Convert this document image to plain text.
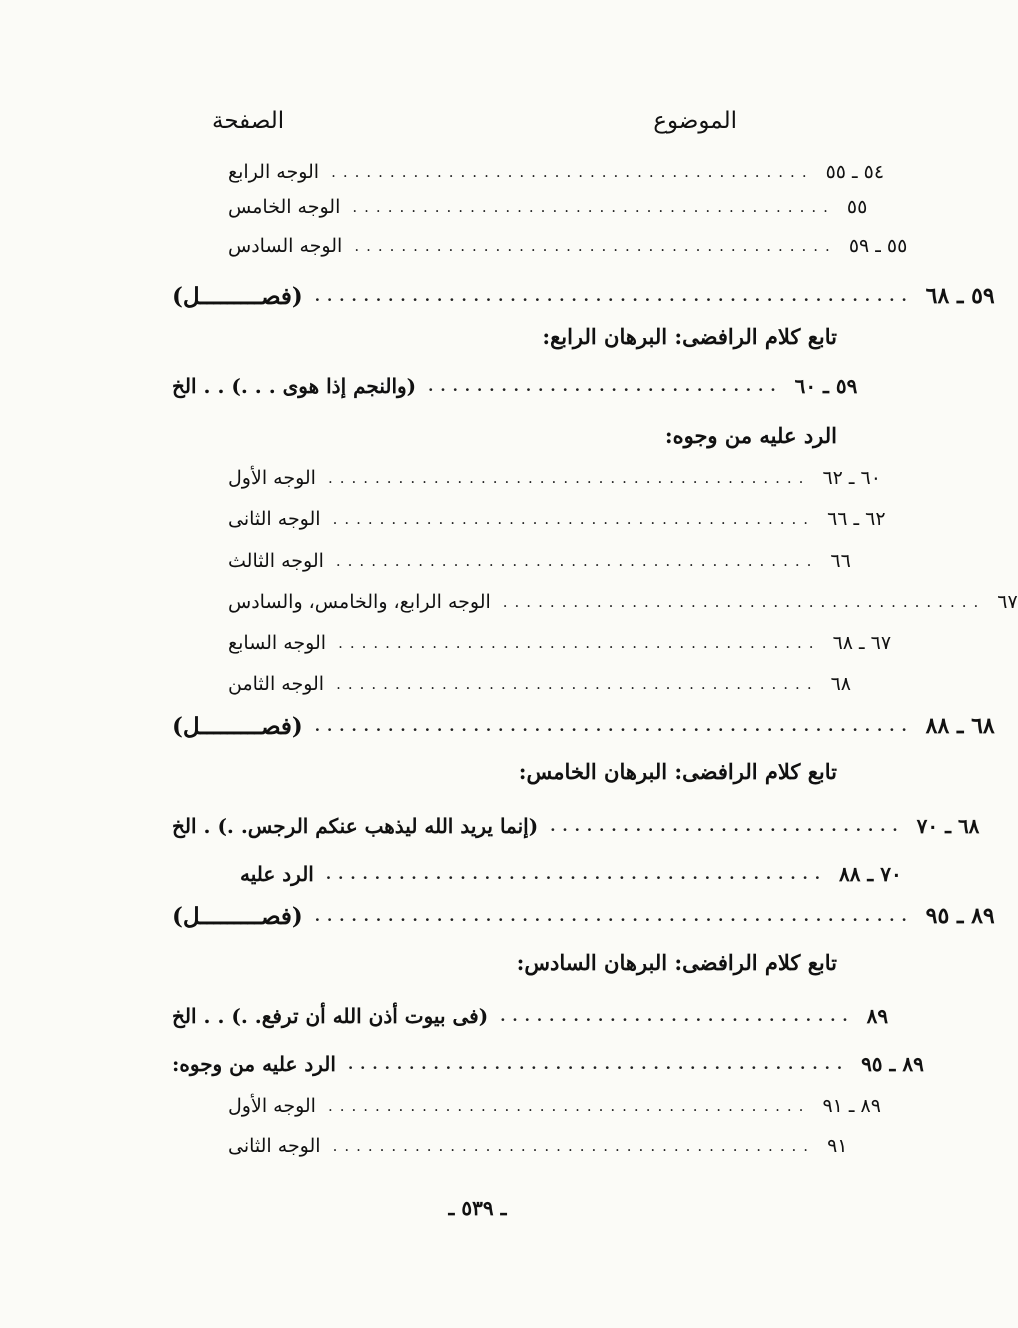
الموضوع
الصفحة
الوجه الرابع ......................................... ٥٤ ـ ٥٥
الوجه الخامس ......................................... ٥٥
الوجه السادس ......................................... ٥٥ ـ ٥٩
(فصـــــــــل) ................................................. ٥٩ ـ ٦٨
تابع كلام الرافضى: البرهان الرابع:
(والنجم إذا هوى . . .) . . الخ ............................. ٥٩ ـ ٦٠
الرد عليه من وجوه:
الوجه الأول ......................................... ٦٠ ـ ٦٢
الوجه الثانى ......................................... ٦٢ ـ ٦٦
الوجه الثالث ......................................... ٦٦
الوجه الرابع، والخامس، والسادس ......................................... ٦٧
الوجه السابع ......................................... ٦٧ ـ ٦٨
الوجه الثامن ......................................... ٦٨
(فصـــــــــل) ................................................. ٦٨ ـ ٨٨
تابع كلام الرافضى: البرهان الخامس:
(إنما يريد الله ليذهب عنكم الرجس. .) . الخ ............................. ٦٨ ـ ٧٠
الرد عليه ......................................... ٧٠ ـ ٨٨
(فصـــــــــل) ................................................. ٨٩ ـ ٩٥
تابع كلام الرافضى: البرهان السادس:
(فى بيوت أذن الله أن ترفع. .) . . الخ ............................. ٨٩
الرد عليه من وجوه: ......................................... ٨٩ ـ ٩٥
الوجه الأول ......................................... ٨٩ ـ ٩١
الوجه الثانى ......................................... ٩١
ـ ٥٣٩ ـ
